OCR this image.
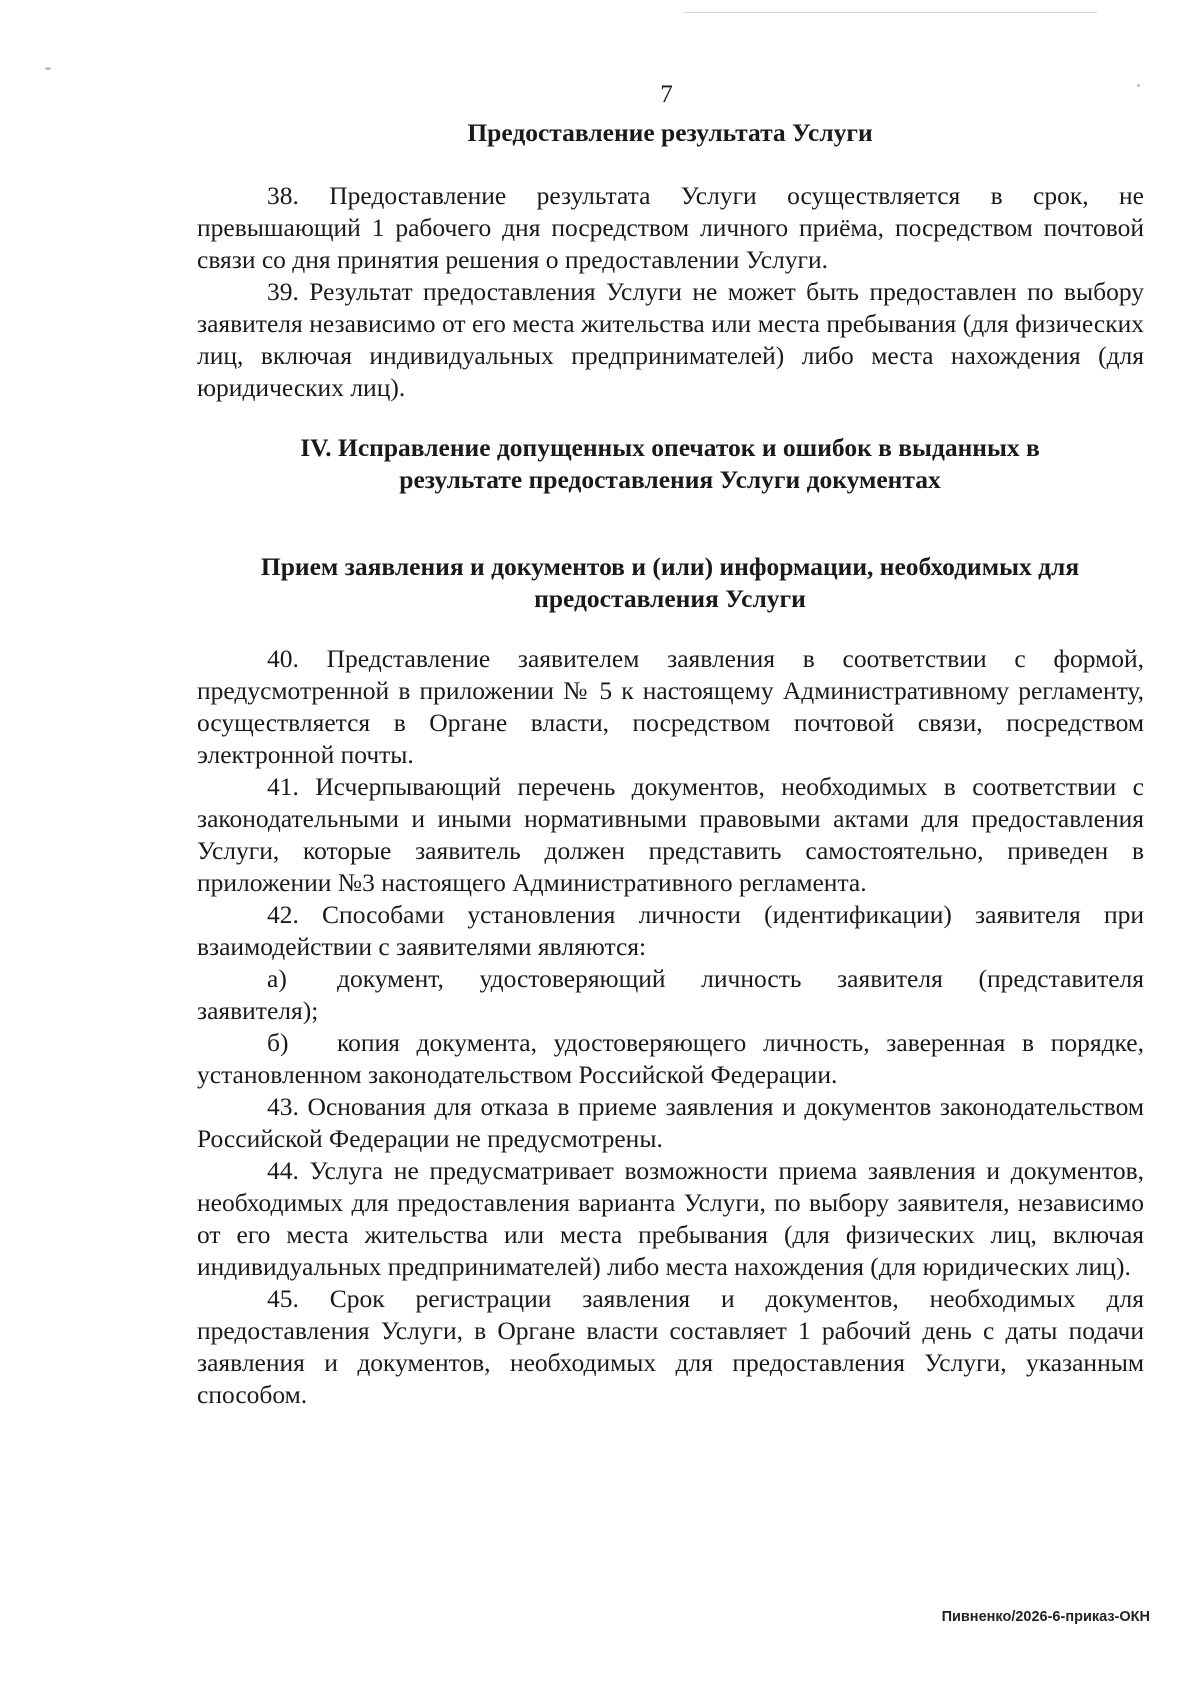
7
Предоставление результата Услуги

38. Предоставление результата Услуги осуществляется в срок, не превышающий 1 рабочего дня посредством личного приёма, посредством почтовой связи со дня принятия решения о предоставлении Услуги.

39. Результат предоставления Услуги не может быть предоставлен по выбору заявителя независимо от его места жительства или места пребывания (для физических лиц, включая индивидуальных предпринимателей) либо места нахождения (для юридических лиц).

IV. Исправление допущенных опечаток и ошибок в выданных в
результате предоставления Услуги документах
Прием заявления и документов и (или) информации, необходимых для
предоставления Услуги

40. Представление заявителем заявления в соответствии с формой, предусмотренной в приложении № 5 к настоящему Административному регламенту, осуществляется в Органе власти, посредством почтовой связи, посредством электронной почты.

41. Исчерпывающий перечень документов, необходимых в соответствии с законодательными и иными нормативными правовыми актами для предоставления Услуги, которые заявитель должен представить самостоятельно, приведен в приложении №3 настоящего Административного регламента.

42. Способами установления личности (идентификации) заявителя при взаимодействии с заявителями являются:

а) документ, удостоверяющий личность заявителя (представителя заявителя);

б) копия документа, удостоверяющего личность, заверенная в порядке, установленном законодательством Российской Федерации.

43. Основания для отказа в приеме заявления и документов законодательством Российской Федерации не предусмотрены.

44. Услуга не предусматривает возможности приема заявления и документов, необходимых для предоставления варианта Услуги, по выбору заявителя, независимо от его места жительства или места пребывания (для физических лиц, включая индивидуальных предпринимателей) либо места нахождения (для юридических лиц).

45. Срок регистрации заявления и документов, необходимых для предоставления Услуги, в Органе власти составляет 1 рабочий день с даты подачи заявления и документов, необходимых для предоставления Услуги, указанным способом.

Пивненко/2026-6-приказ-ОКН
